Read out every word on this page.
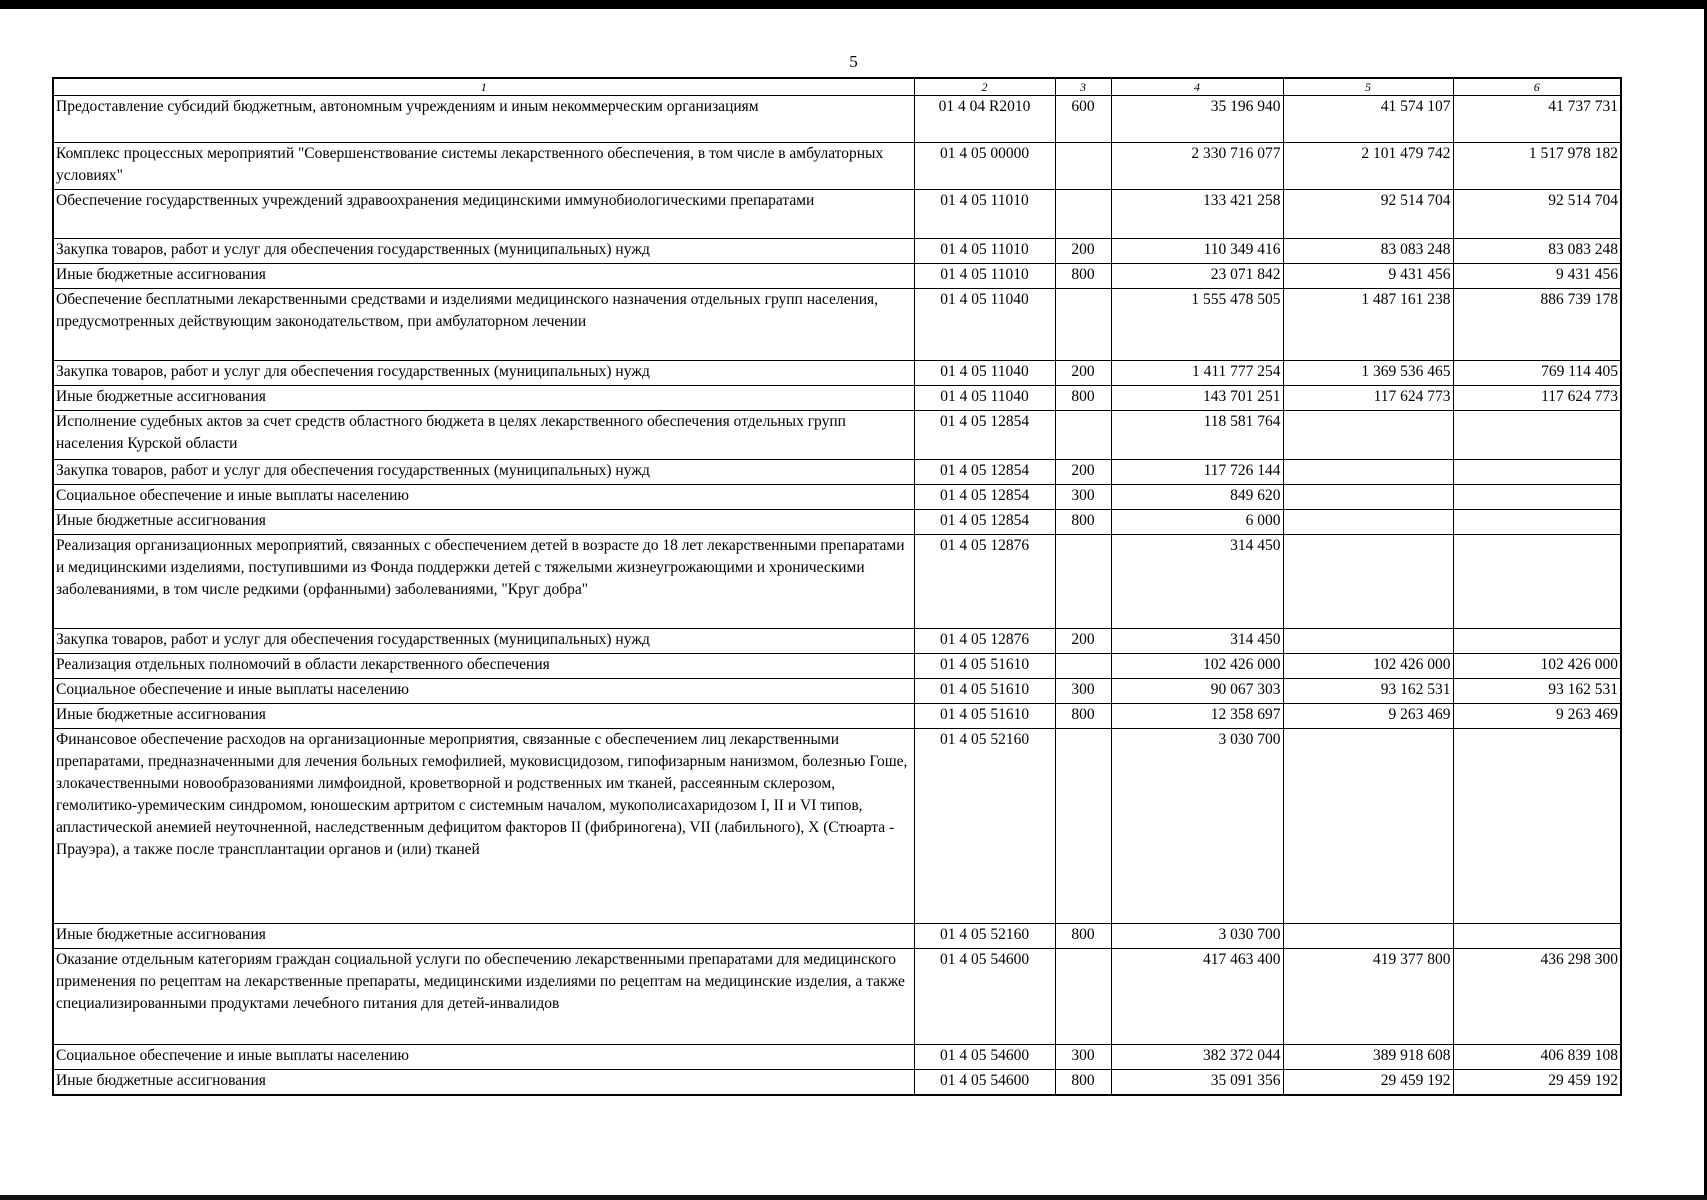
5
1	2	3	4	5	6
Предоставление субсидий бюджетным, автономным учреждениям и иным некоммерческим организациям	01 4 04 R2010	600	35 196 940	41 574 107	41 737 731
Комплекс процессных мероприятий "Совершенствование системы лекарственного обеспечения, в том числе в амбулаторных условиях"	01 4 05 00000		2 330 716 077	2 101 479 742	1 517 978 182
Обеспечение государственных учреждений здравоохранения медицинскими иммунобиологическими препаратами	01 4 05 11010		133 421 258	92 514 704	92 514 704
Закупка товаров, работ и услуг для обеспечения государственных (муниципальных) нужд	01 4 05 11010	200	110 349 416	83 083 248	83 083 248
Иные бюджетные ассигнования	01 4 05 11010	800	23 071 842	9 431 456	9 431 456
Обеспечение бесплатными лекарственными средствами и изделиями медицинского назначения отдельных групп населения, предусмотренных действующим законодательством, при амбулаторном лечении	01 4 05 11040		1 555 478 505	1 487 161 238	886 739 178
Закупка товаров, работ и услуг для обеспечения государственных (муниципальных) нужд	01 4 05 11040	200	1 411 777 254	1 369 536 465	769 114 405
Иные бюджетные ассигнования	01 4 05 11040	800	143 701 251	117 624 773	117 624 773
Исполнение судебных актов за счет средств областного бюджета в целях лекарственного обеспечения отдельных групп населения Курской области	01 4 05 12854		118 581 764		
Закупка товаров, работ и услуг для обеспечения государственных (муниципальных) нужд	01 4 05 12854	200	117 726 144		
Социальное обеспечение и иные выплаты населению	01 4 05 12854	300	849 620		
Иные бюджетные ассигнования	01 4 05 12854	800	6 000		
Реализация организационных мероприятий, связанных с обеспечением детей в возрасте до 18 лет лекарственными препаратами и медицинскими изделиями, поступившими из Фонда поддержки детей с тяжелыми жизнеугрожающими и хроническими заболеваниями, в том числе редкими (орфанными) заболеваниями, "Круг добра"	01 4 05 12876		314 450		
Закупка товаров, работ и услуг для обеспечения государственных (муниципальных) нужд	01 4 05 12876	200	314 450		
Реализация отдельных полномочий в области лекарственного обеспечения	01 4 05 51610		102 426 000	102 426 000	102 426 000
Социальное обеспечение и иные выплаты населению	01 4 05 51610	300	90 067 303	93 162 531	93 162 531
Иные бюджетные ассигнования	01 4 05 51610	800	12 358 697	9 263 469	9 263 469
Финансовое обеспечение расходов на организационные мероприятия, связанные с обеспечением лиц лекарственными препаратами, предназначенными для лечения больных гемофилией, муковисцидозом, гипофизарным нанизмом, болезнью Гоше, злокачественными новообразованиями лимфоидной, кроветворной и родственных им тканей, рассеянным склерозом, гемолитико-уремическим синдромом, юношеским артритом с системным началом, мукополисахаридозом I, II и VI типов, апластической анемией неуточненной, наследственным дефицитом факторов II (фибриногена), VII (лабильного), X (Стюарта - Прауэра), а также после трансплантации органов и (или) тканей	01 4 05 52160		3 030 700		
Иные бюджетные ассигнования	01 4 05 52160	800	3 030 700		
Оказание отдельным категориям граждан социальной услуги по обеспечению лекарственными препаратами для медицинского применения по рецептам на лекарственные препараты, медицинскими изделиями по рецептам на медицинские изделия, а также специализированными продуктами лечебного питания для детей-инвалидов	01 4 05 54600		417 463 400	419 377 800	436 298 300
Социальное обеспечение и иные выплаты населению	01 4 05 54600	300	382 372 044	389 918 608	406 839 108
Иные бюджетные ассигнования	01 4 05 54600	800	35 091 356	29 459 192	29 459 192
